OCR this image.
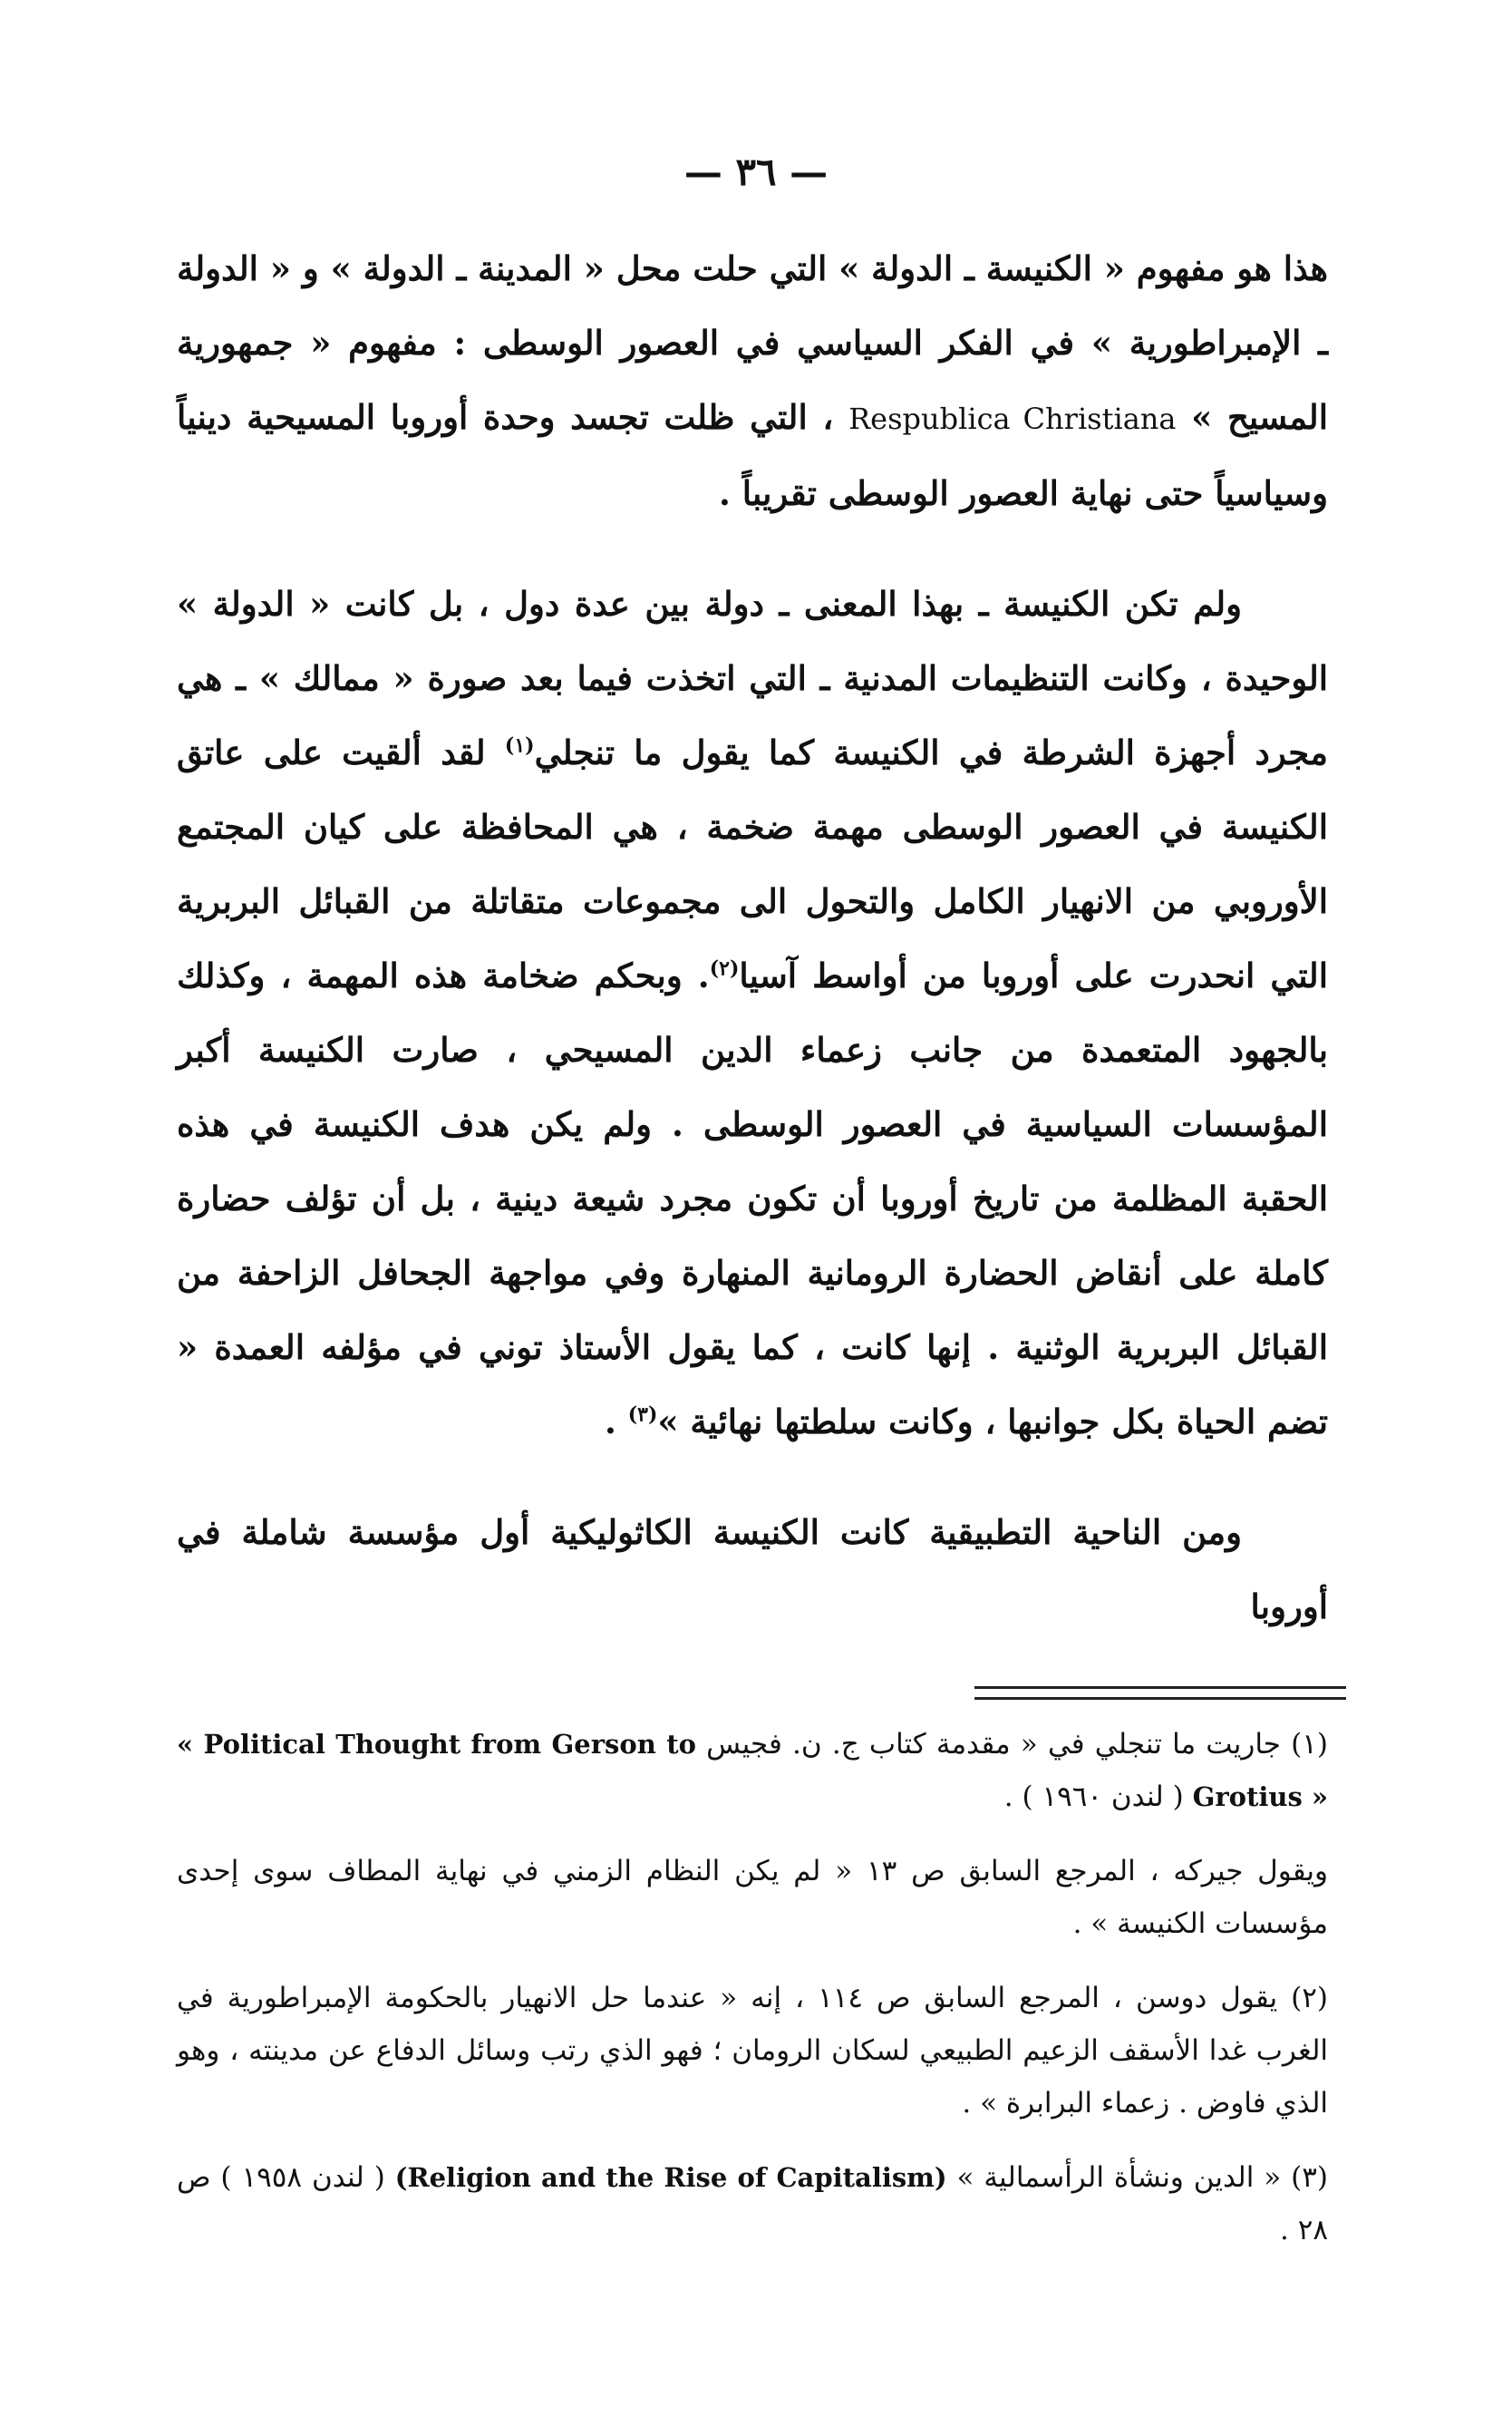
— ٣٦ —

هذا هو مفهوم « الكنيسة ـ الدولة » التي حلت محل « المدينة ـ الدولة » و « الدولة ـ الإمبراطورية » في الفكر السياسي في العصور الوسطى : مفهوم « جمهورية المسيح » Respublica Christiana ، التي ظلت تجسد وحدة أوروبا المسيحية دينياً وسياسياً حتى نهاية العصور الوسطى تقريباً .

ولم تكن الكنيسة ـ بهذا المعنى ـ دولة بين عدة دول ، بل كانت « الدولة » الوحيدة ، وكانت التنظيمات المدنية ـ التي اتخذت فيما بعد صورة « ممالك » ـ هي مجرد أجهزة الشرطة في الكنيسة كما يقول ما تنجلي$^{(١)}$ لقد ألقيت على عاتق الكنيسة في العصور الوسطى مهمة ضخمة ، هي المحافظة على كيان المجتمع الأوروبي من الانهيار الكامل والتحول الى مجموعات متقاتلة من القبائل البربرية التي انحدرت على أوروبا من أواسط آسيا$^{(٢)}$. وبحكم ضخامة هذه المهمة ، وكذلك بالجهود المتعمدة من جانب زعماء الدين المسيحي ، صارت الكنيسة أكبر المؤسسات السياسية في العصور الوسطى . ولم يكن هدف الكنيسة في هذه الحقبة المظلمة من تاريخ أوروبا أن تكون مجرد شيعة دينية ، بل أن تؤلف حضارة كاملة على أنقاض الحضارة الرومانية المنهارة وفي مواجهة الجحافل الزاحفة من القبائل البربرية الوثنية . إنها كانت ، كما يقول الأستاذ توني في مؤلفه العمدة « تضم الحياة بكل جوانبها ، وكانت سلطتها نهائية »$^{(٣)}$ .

ومن الناحية التطبيقية كانت الكنيسة الكاثوليكية أول مؤسسة شاملة في أوروبا

(١) جاريت ما تنجلي في « مقدمة كتاب ج. ن. فجيس « Political Thought from Gerson to Grotius » ( لندن ١٩٦٠ ) .
ويقول جيركه ، المرجع السابق ص ١٣ « لم يكن النظام الزمني في نهاية المطاف سوى إحدى مؤسسات الكنيسة » .
(٢) يقول دوسن ، المرجع السابق ص ١١٤ ، إنه « عندما حل الانهيار بالحكومة الإمبراطورية في الغرب غدا الأسقف الزعيم الطبيعي لسكان الرومان ؛ فهو الذي رتب وسائل الدفاع عن مدينته ، وهو الذي فاوض . زعماء البرابرة » .
(٣) « الدين ونشأة الرأسمالية » (Religion and the Rise of Capitalism) ( لندن ١٩٥٨ ) ص ٢٨ .
